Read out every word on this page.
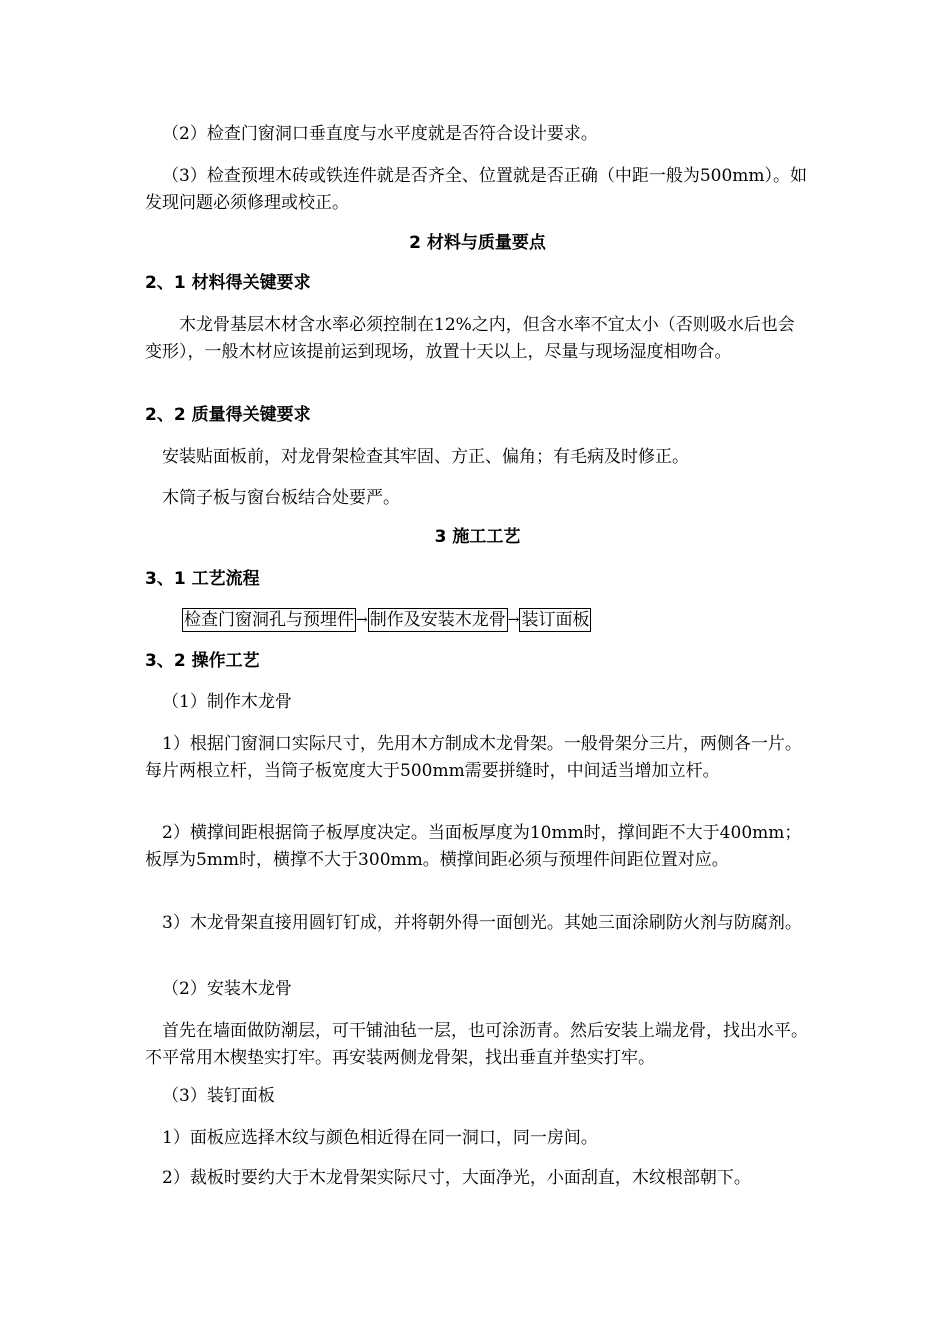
（2）检查门窗洞口垂直度与水平度就是否符合设计要求。

（3）检查预埋木砖或铁连件就是否齐全、位置就是否正确（中距一般为500mm）。如发现问题必须修理或校正。

2 材料与质量要点

2、1 材料得关键要求

木龙骨基层木材含水率必须控制在12%之内，但含水率不宜太小（否则吸水后也会变形），一般木材应该提前运到现场，放置十天以上，尽量与现场湿度相吻合。

2、2 质量得关键要求

安装贴面板前，对龙骨架检查其牢固、方正、偏角；有毛病及时修正。

木筒子板与窗台板结合处要严。

3 施工工艺

3、1 工艺流程

检查门窗洞孔与预埋件 → 制作及安装木龙骨 → 装订面板

3、2 操作工艺

（1）制作木龙骨

1）根据门窗洞口实际尺寸，先用木方制成木龙骨架。一般骨架分三片，两侧各一片。每片两根立杆，当筒子板宽度大于500mm需要拼缝时，中间适当增加立杆。

2）横撑间距根据筒子板厚度决定。当面板厚度为10mm时，撑间距不大于400mm；板厚为5mm时，横撑不大于300mm。横撑间距必须与预埋件间距位置对应。

3）木龙骨架直接用圆钉钉成，并将朝外得一面刨光。其她三面涂刷防火剂与防腐剂。

（2）安装木龙骨

首先在墙面做防潮层，可干铺油毡一层，也可涂沥青。然后安装上端龙骨，找出水平。不平常用木楔垫实打牢。再安装两侧龙骨架，找出垂直并垫实打牢。

（3）装钉面板

1）面板应选择木纹与颜色相近得在同一洞口，同一房间。

2）裁板时要约大于木龙骨架实际尺寸，大面净光，小面刮直，木纹根部朝下。
